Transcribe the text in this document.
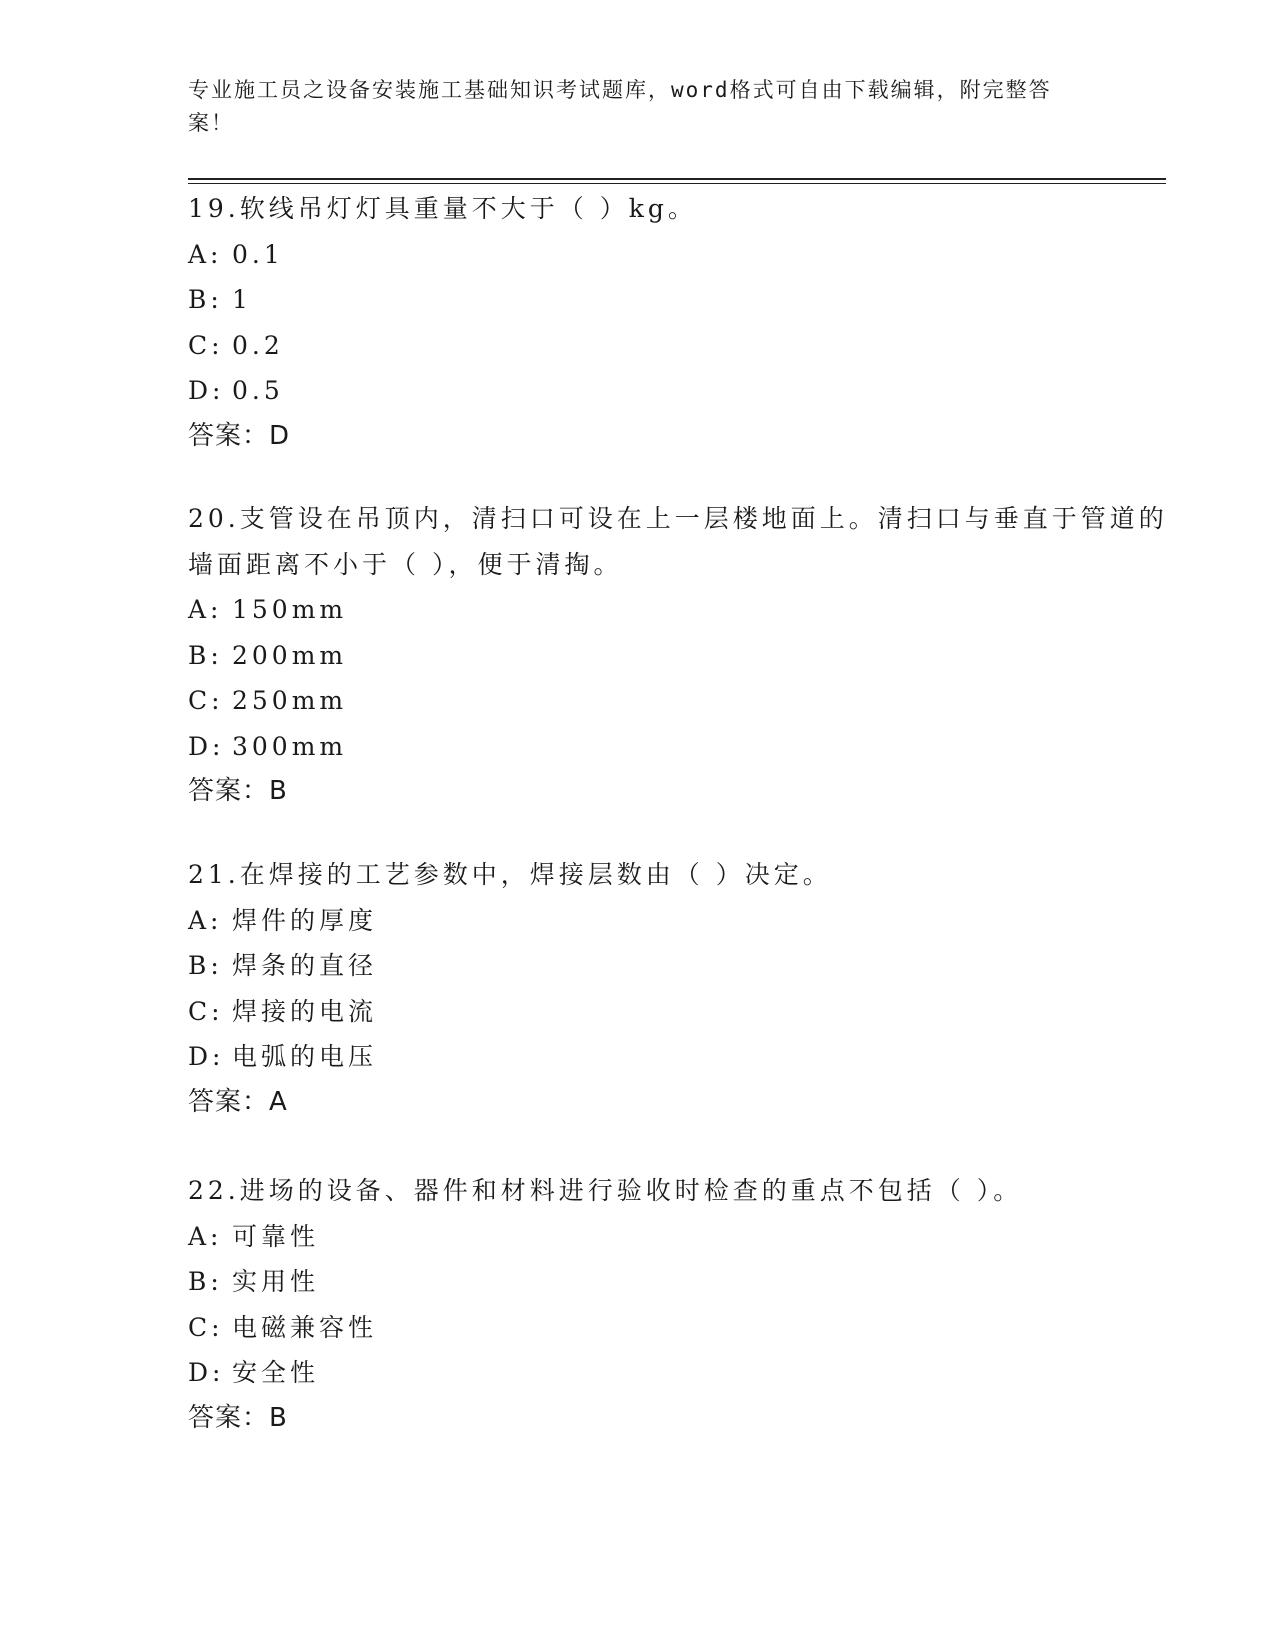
专业施工员之设备安装施工基础知识考试题库，word格式可自由下载编辑，附完整答案！

19.软线吊灯灯具重量不大于（ ）kg。

A: 0.1

B: 1

C: 0.2

D: 0.5

答案：D

20.支管设在吊顶内，清扫口可设在上一层楼地面上。清扫口与垂直于管道的墙面距离不小于（ ），便于清掏。

A: 150mm

B: 200mm

C: 250mm

D: 300mm

答案：B

21.在焊接的工艺参数中，焊接层数由（ ）决定。

A: 焊件的厚度

B: 焊条的直径

C: 焊接的电流

D: 电弧的电压

答案：A

22.进场的设备、器件和材料进行验收时检查的重点不包括（ ）。

A: 可靠性

B: 实用性

C: 电磁兼容性

D: 安全性

答案：B
